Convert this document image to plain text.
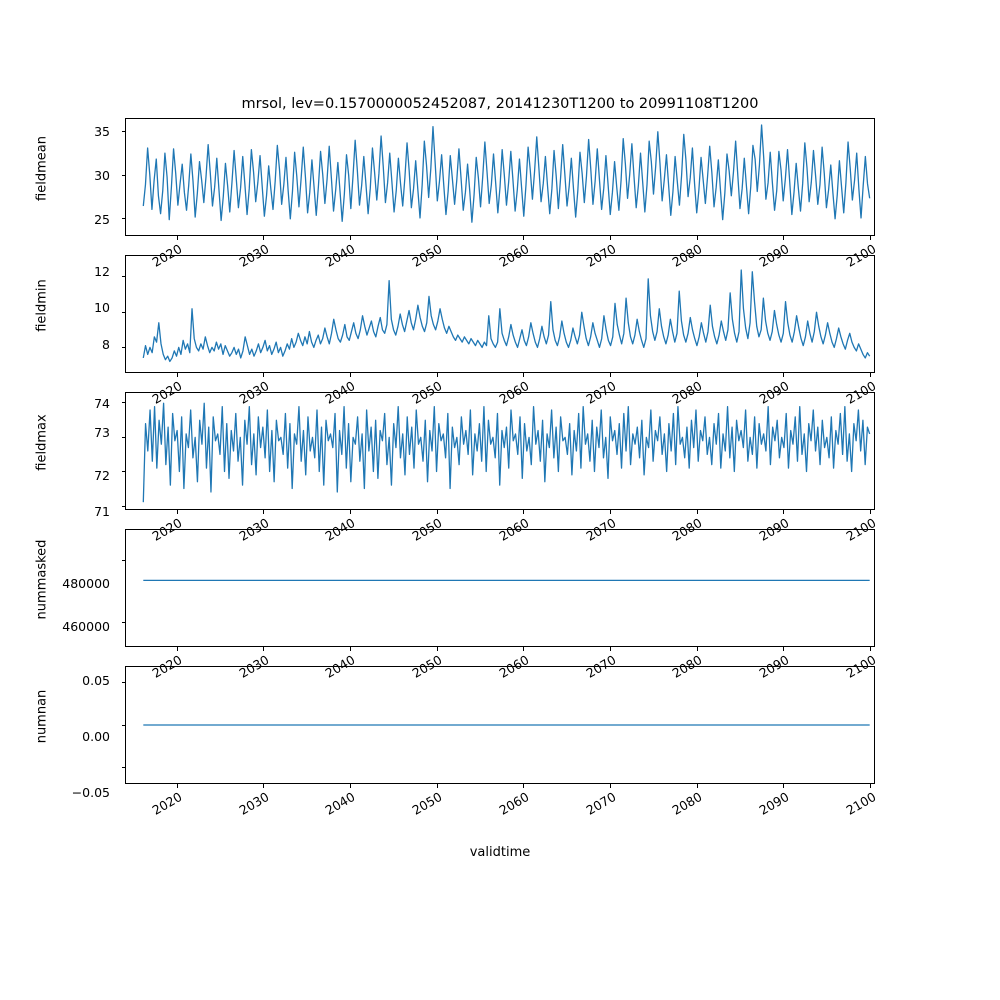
mrsol, lev=0.1570000052452087, 20141230T1200 to 20991108T1200
fieldmean
35
30
25
fieldmin
12
10
8
fieldmax
74
73
72
71
nummasked	480000
460000
numnan
0.05
0.00
−0.05
2020	2030	2040	2050	2060	2070	2080	2090	2100
2020	2030	2040	2050	2060	2070	2080	2090	2100
2020	2030	2040	2050	2060	2070	2080	2090	2100
2020	2030	2040	2050	2060	2070	2080	2090	2100
2020	2030	2040	2050	2060	2070	2080	2090	2100
validtime
